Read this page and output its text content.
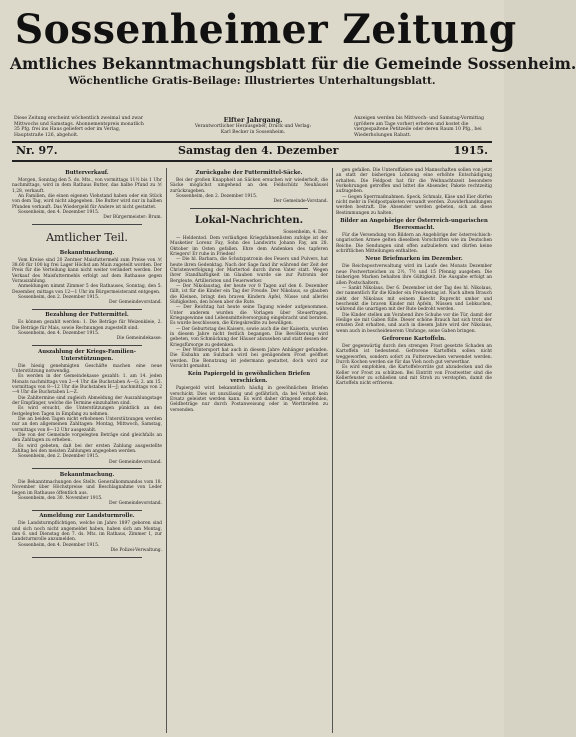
Sossenheimer Zeitung
Amtliches Bekanntmachungsblatt für die Gemeinde Sossenheim.
Wöchentliche Gratis-Beilage: Illustriertes Unterhaltungsblatt.
Diese Zeitung erscheint wöchentlich zweimal und zwar Mittwochs und Samstags. Abonnementspreis monatlich 35 Pfg. frei ins Haus geliefert oder im Verlag, Hauptstraße 126, abgeholt.
Elfter Jahrgang.
Verantwortlicher Herausgeber, Druck und Verlag: Karl Becker in Sossenheim.
Anzeigen werden bis Mittwoch- und Samstag-Vormittag (größere am Tage vorher) erbeten und kostet die viergespaltene Petitzeile oder deren Raum 10 Pfg., bei Wiederholungen Rabatt.
Nr. 97.	Samstag den 4. Dezember	1915.
Butterverkauf.
Morgen, Sonntag den 5. ds. Mts., von vormittags 11½ bis 1 Uhr nachmittags, wird in dem Rathaus Butter, das halbe Pfund zu ℳ 1,28, verkauft.
An Familien, die einen eigenen Viehstand haben oder ein Stück von dem Tag, wird nicht abgegeben. Die Butter wird nur in halben Pfunden verkauft. Das Wiedergeld für Andere ist nicht gestattet.
Sossenheim, den 4. Dezember 1915.
Der Bürgermeister: Brum.
Amtlicher Teil.
Bekanntmachung.
Vom Kreise sind 20 Zentner Maisfuttermehl zum Preise von ℳ 38.60 für 100 kg frei Lager Höchst am Main zugeteilt worden. Der Preis für die Verteilung kann nicht weiter verändert werden. Der Verkauf des Maisfuttermehls erfolgt auf dem Rathause gegen Vorauszahlung.
Anmeldungen nimmt Zimmer 5 des Rathauses, Sonntag, den 5. Dezember, mittags von 12—1 Uhr im Bürgermeisteramt entgegen.
Sossenheim, den 2. Dezember 1915.
Der Gemeindevorstand.
Bezahlung der Futtermittel.
Es können gezahlt werden: 1. Die Beträge für Weizenkleie, 2. Die Beträge für Mais, sowie Rechnungen zugestellt sind.
Sossenheim, den 4. Dezember 1915.
Die Gemeindekasse.
Auszahlung der Kriegs-Familien-Unterstützungen.
Die hiesig genehmigten Geschäfte machen eine neue Unterstützung notwendig.
Es werden in der Gemeindekasse gezahlt: 1. am 14. jeden Monats nachmittags von 2—4 Uhr die Buchstaben A—G; 2. am 15. vormittags von 8—12 Uhr die Buchstaben H—J; nachmittags von 2—4 Uhr die Buchstaben L—Z.
Die Zahltermine sind zugleich Abmeldung der Auszahlungstage der Empfänger, welche die Termine einzuhalten sind.
Es wird ersucht, die Unterstützungen pünktlich an den festgelegten Tagen in Empfang zu nehmen.
Die an beiden Tagen nicht erhobenen Unterstützungen werden nur an den allgemeinen Zahltagen: Montag, Mittwoch, Samstag, vormittags von 8—12 Uhr ausgezahlt.
Die von der Gemeinde vorgelegten Beträge sind gleichfalls an den Zahltagen zu erheben.
Es wird gebeten, daß bei der ersten Zahlung ausgestellte Zahltag bei den meisten Zahlungen angegeben werden.
Sossenheim, den 2. Dezember 1915.
Der Gemeindevorstand.
Bekanntmachung.
Die Bekanntmachungen des Stellv. Generalkommandos vom 18. November über Höchstpreise und Beschlagnahme von Leder liegen im Rathause öffentlich aus.
Sossenheim, den 30. November 1915.
Der Gemeindevorstand.
Anmeldung zur Landsturmrolle.
Die Landsturmpflichtigen, welche im Jahre 1897 geboren sind und sich noch nicht angemeldet haben, haben sich am Montag, den 6. und Dienstag den 7. ds. Mts. im Rathaus, Zimmer 1, zur Landsturmrolle anzumelden.
Sossenheim, den 4. Dezember 1915.
Die Polizei-Verwaltung.
Zurückgabe der Futtermittel-Säcke.
Bei der großen Knappheit an Säcken ersuchen wir wiederholt, die Säcke möglichst umgehend an den Feldschütz Neuhäusel zurückzugeben.
Sossenheim, den 2. Dezember 1915.
Der Gemeinde-Vorstand.
Lokal-Nachrichten.
Sossenheim, 4. Dez.
— Heldentod. Dem vorläufigen Kriegsfahnenlisten zufolge ist der Musketier Lorenz Fay, Sohn des Landwirts Johann Fay, am 28. Oktober im Osten gefallen. Ehre dem Andenken des tapferen Kriegers! Er ruhe in Frieden!
— Die hl. Barbara, die Schutzpatronin des Feuers und Pulvers, hat heute ihren Gedenktag. Nach der Sage fand ihr während der Zeit der Christenverfolgung der Martertod durch ihren Vater statt. Wegen ihrer Standhaftigkeit im Glauben wurde sie zur Patronin der Bergleute, Artilleristen und Feuerwerker.
— Der Nikolaustag, der heute vor 8 Tagen auf den 6. Dezember fällt, ist für die Kinder ein Tag der Freude. Der Nikolaus, so glauben die Kleinen, bringt den braven Kindern Äpfel, Nüsse und allerlei Süßigkeiten, den bösen aber die Rute.
— Der Reichtag hat heute seine Tagung wieder aufgenommen. Unter anderem wurden die Vorlagen über Steuerfragen, Kriegsgewinne und Lebensmittelversorgung eingebracht und beraten. Es wurde beschlossen, die Kriegskredite zu bewilligen.
— Der Geburtstag des Kaisers, sowie auch die der Kaiserin, wurden in diesem Jahre nicht festlich begangen. Die Bevölkerung wird gebeten, von Schmückung der Häuser abzusehen und statt dessen der Kriegsfürsorge zu gedenken.
— Der Wintersport hat auch in diesem Jahre Anhänger gefunden. Die Eisbahn am Sulzbach wird bei genügendem Frost geöffnet werden. Die Benutzung ist jedermann gestattet, doch wird zur Vorsicht gemahnt.
Kein Papiergeld in gewöhnlichen Briefen verschicken.
Papiergeld wird bekanntlich häufig in gewöhnlichen Briefen verschickt. Dies ist unzulässig und gefährlich, da bei Verlust kein Ersatz geleistet werden kann. Es wird daher dringend empfohlen, Geldbeträge nur durch Postanweisung oder in Wertbriefen zu versenden.
gen gefallen. Die Unteroffiziere und Mannschaften sollen von jetzt an statt der bisherigen Lohnung eine erhöhte Entschädigung erhalten. Die Feldpost hat für die Weihnachtszeit besondere Vorkehrungen getroffen und bittet die Absender, Pakete rechtzeitig aufzugeben.
— Gegen Sperrmaßnahmen. Speck, Schmalz, Käse und Eier dürfen nicht mehr in Feldpostpaketen versandt werden. Zuwiderhandlungen werden bestraft. Die Absender werden gebeten, sich an diese Bestimmungen zu halten.
Bilder an Angehörige der Österreich-ungarischen Heeresmacht.
Für die Versendung von Bildern an Angehörige der österreichisch-ungarischen Armee gelten dieselben Vorschriften wie im Deutschen Reiche. Die Sendungen sind offen aufzuliefern und dürfen keine schriftlichen Mitteilungen enthalten.
Neue Briefmarken im Dezember.
Die Reichspostverwaltung wird im Laufe des Monats Dezember neue Postwertzeichen zu 2½, 7½ und 15 Pfennig ausgeben. Die bisherigen Marken behalten ihre Gültigkeit. Die Ausgabe erfolgt an allen Postschaltern.
— Sankt Nikolaus. Der 6. Dezember ist der Tag des hl. Nikolaus, der namentlich für die Kinder ein Freudentag ist. Nach altem Brauch zieht der Nikolaus mit seinem Knecht Ruprecht umher und beschenkt die braven Kinder mit Äpfeln, Nüssen und Lebkuchen, während die unartigen mit der Rute bedroht werden.
Die Kinder stellen am Vorabend ihre Schuhe vor die Tür, damit der Heilige sie mit Gaben fülle. Dieser schöne Brauch hat sich trotz der ernsten Zeit erhalten, und auch in diesem Jahre wird der Nikolaus, wenn auch in bescheidenerem Umfange, seine Gaben bringen.
Gefrorene Kartoffeln.
Der gegenwärtig durch den strengen Frost gesetzte Schaden an Kartoffeln ist bedeutend. Gefrorene Kartoffeln sollen nicht weggeworfen, sondern sofort zu Futterzwecken verwendet werden. Durch Kochen werden sie für das Vieh noch gut verwertbar.
Es wird empfohlen, die Kartoffelvorräte gut abzudecken und die Keller vor Frost zu schützen. Bei Eintritt von Frostwetter sind die Kellerfenster zu schließen und mit Stroh zu verstopfen, damit die Kartoffeln nicht erfrieren.
